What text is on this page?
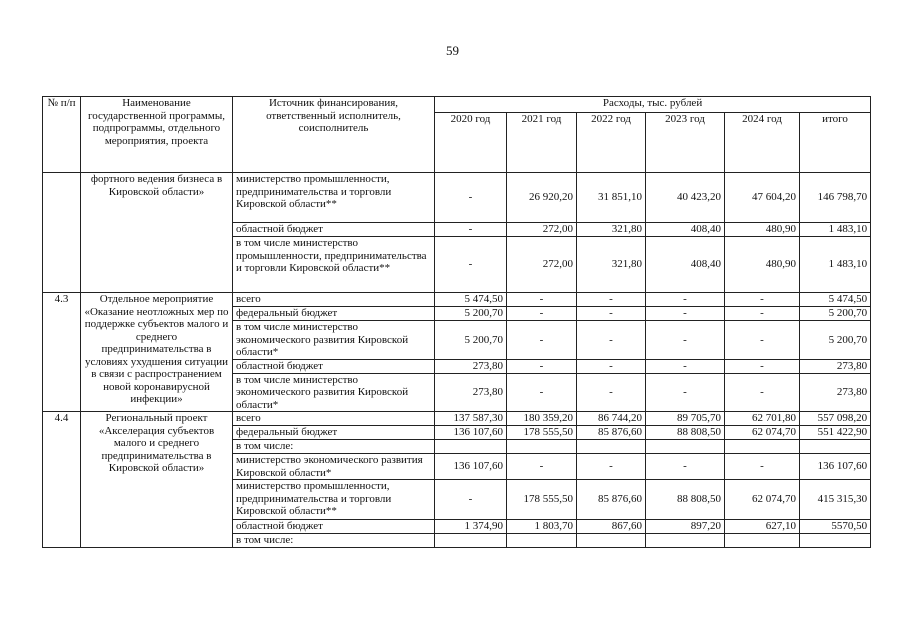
59
№ п/п	Наименование государственной программы, подпрограммы, отдельного мероприятия, проекта	Источник финансирования, ответственный исполнитель, соисполнитель	Расходы, тыс. рублей					
			2020 год	2021 год	2022 год	2023 год	2024 год	итого
	фортного ведения бизнеса в Кировской области»	министерство промышленности, предпринимательства и торговли Кировской области**	-	26 920,20	31 851,10	40 423,20	47 604,20	146 798,70
		областной бюджет	-	272,00	321,80	408,40	480,90	1 483,10
		в том числе министерство промышленности, предпринимательства и торговли Кировской области**	-	272,00	321,80	408,40	480,90	1 483,10
4.3	Отдельное мероприятие «Оказание неотложных мер по поддержке субъектов малого и среднего предпринимательства в условиях ухудшения ситуации в связи с распространением новой коронавирусной инфекции»	всего	5 474,50	-	-	-	-	5 474,50
		федеральный бюджет	5 200,70	-	-	-	-	5 200,70
		в том числе министерство экономического развития Кировской области*	5 200,70	-	-	-	-	5 200,70
		областной бюджет	273,80	-	-	-	-	273,80
		в том числе министерство экономического развития Кировской области*	273,80	-	-	-	-	273,80
4.4	Региональный проект «Акселерация субъектов малого и среднего предпринимательства в Кировской области»	всего	137 587,30	180 359,20	86 744,20	89 705,70	62 701,80	557 098,20
		федеральный бюджет	136 107,60	178 555,50	85 876,60	88 808,50	62 074,70	551 422,90
		в том числе:						
		министерство экономического развития Кировской области*	136 107,60	-	-	-	-	136 107,60
		министерство промышленности, предпринимательства и торговли Кировской области**	-	178 555,50	85 876,60	88 808,50	62 074,70	415 315,30
		областной бюджет	1 374,90	1 803,70	867,60	897,20	627,10	5570,50
		в том числе:						
